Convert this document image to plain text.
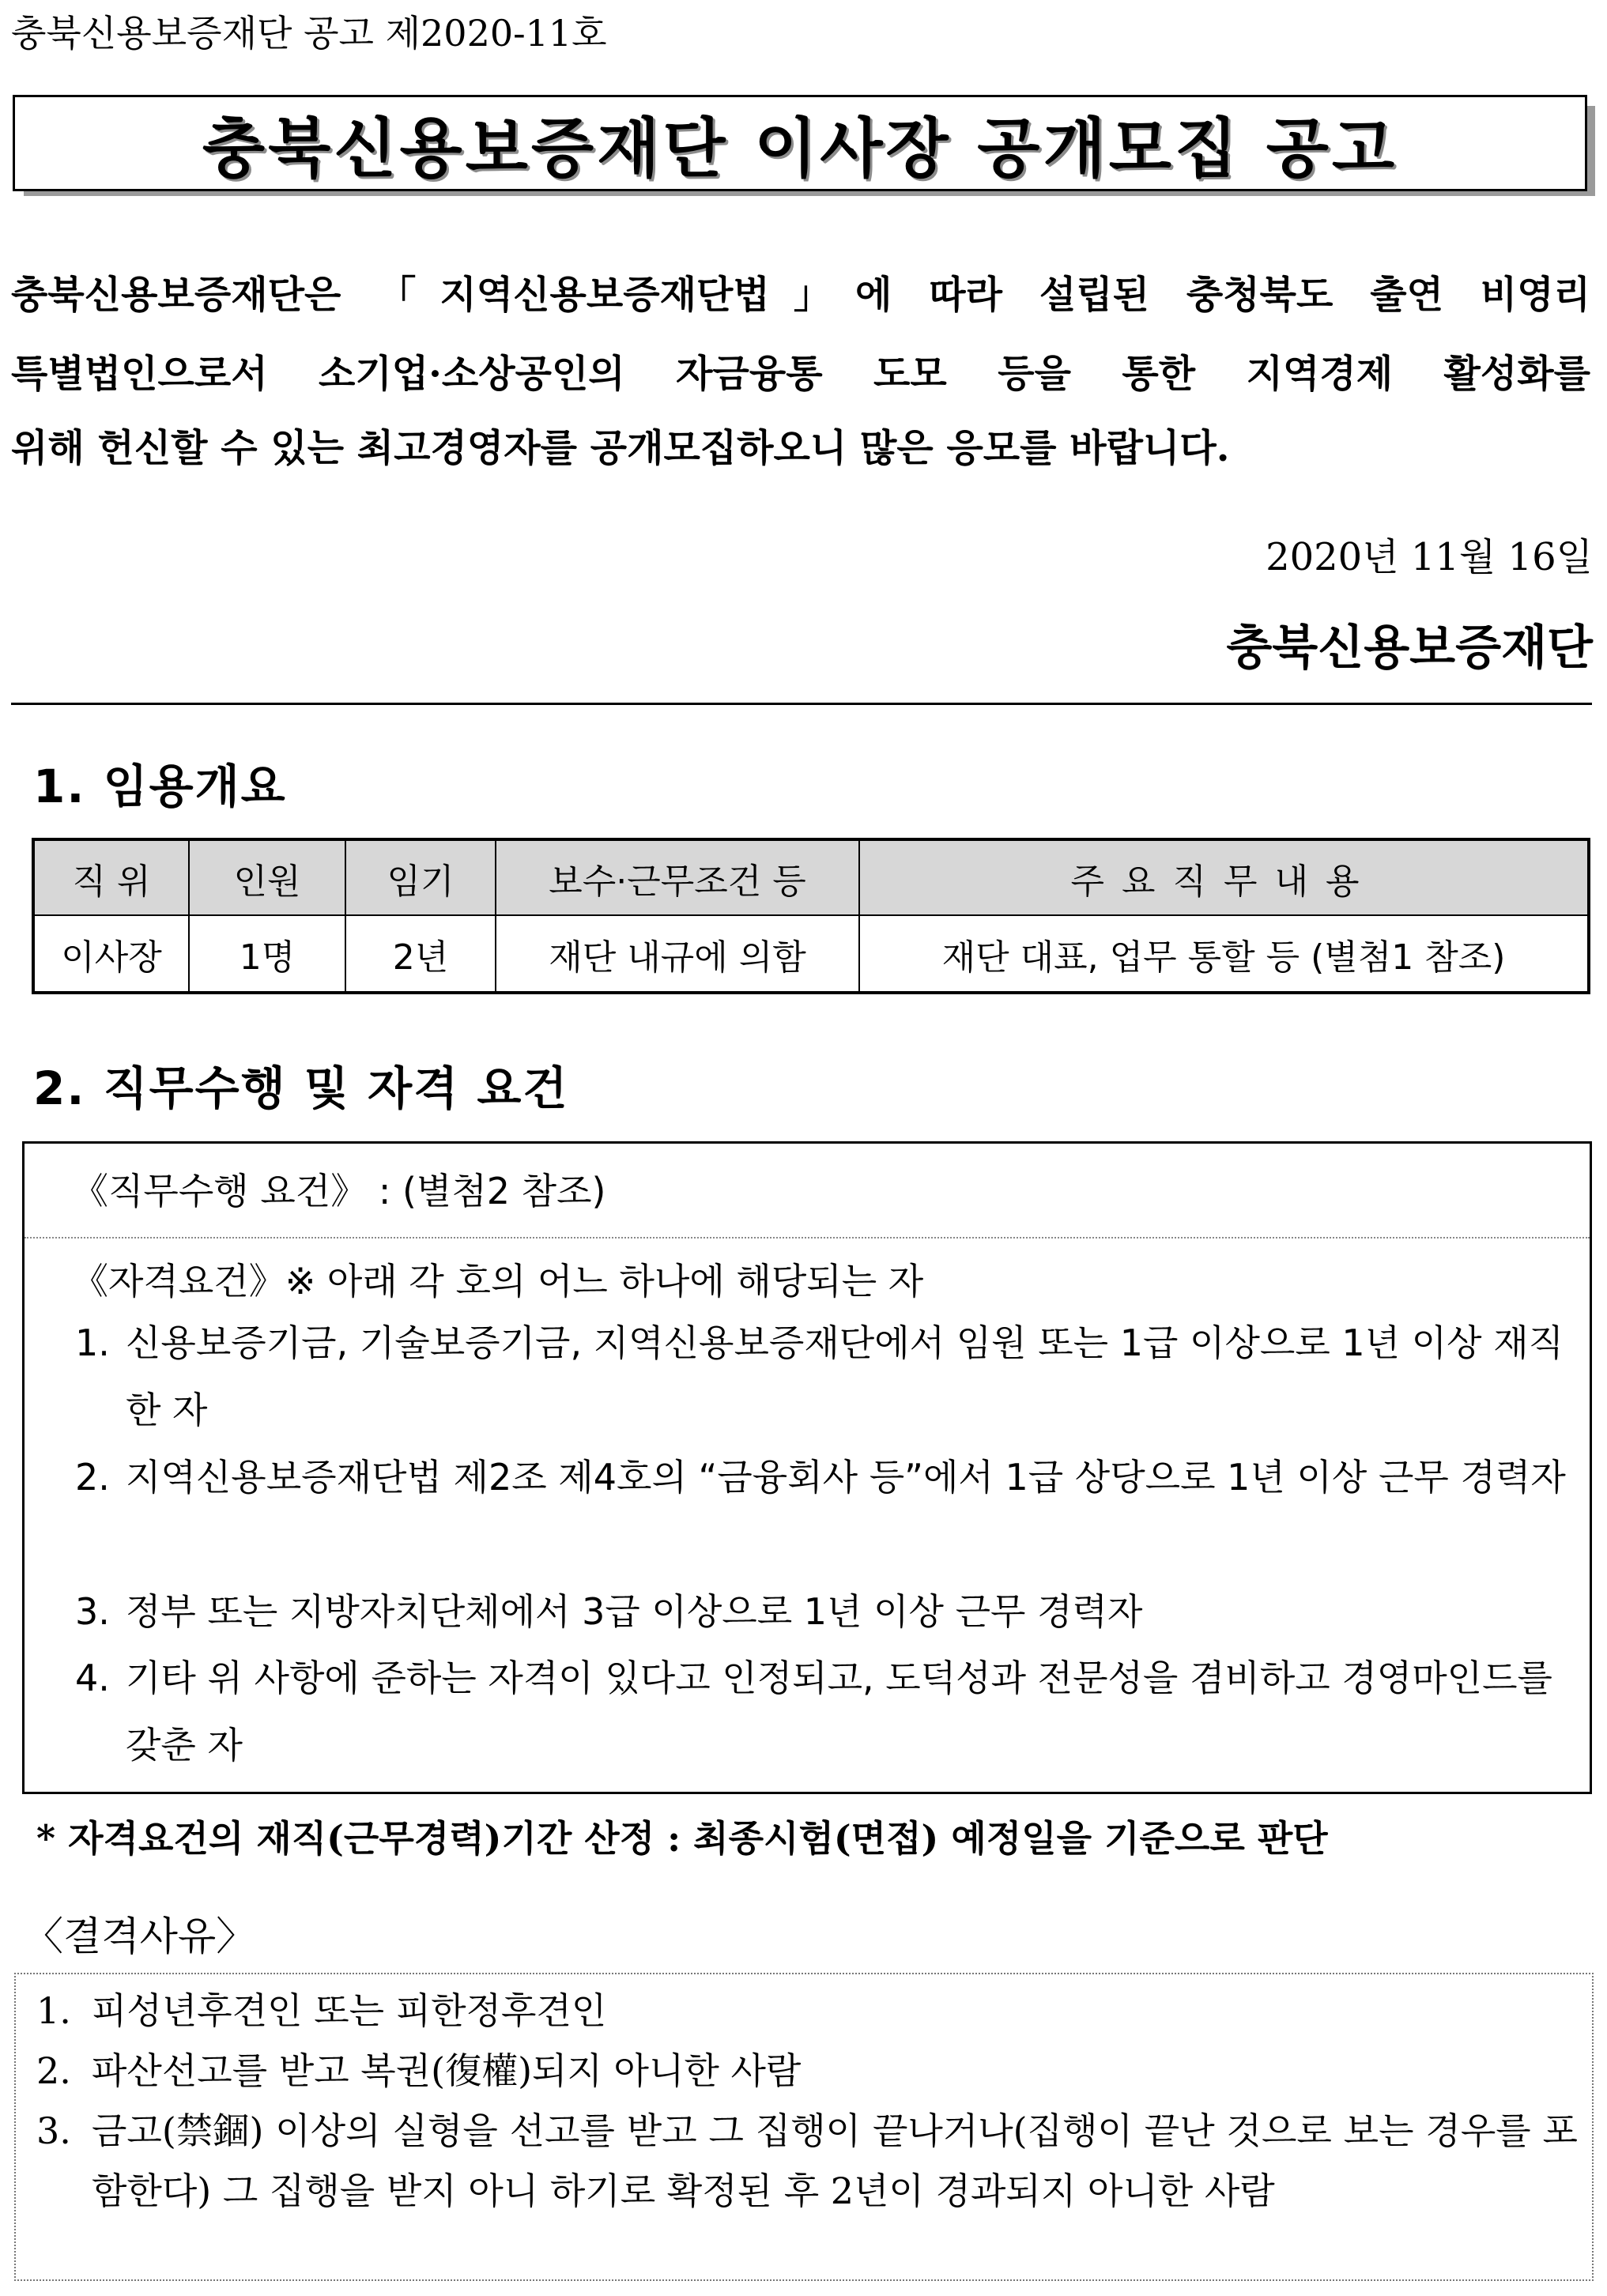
충북신용보증재단 공고 제2020-11호
충북신용보증재단 이사장 공개모집 공고
충북신용보증재단은 「지역신용보증재단법」에 따라 설립된 충청북도 출연 비영리
특별법인으로서 소기업·소상공인의 자금융통 도모 등을 통한 지역경제 활성화를
위해 헌신할 수 있는 최고경영자를 공개모집하오니 많은 응모를 바랍니다.
2020년 11월 16일
충북신용보증재단
1. 임용개요
직 위	인원	임기	보수·근무조건 등	주요직무내용
이사장	1명	2년	재단 내규에 의함	재단 대표, 업무 통할 등 (별첨1 참조)
2. 직무수행 및 자격 요건
《직무수행 요건》 : (별첨2 참조)
《자격요건》※ 아래 각 호의 어느 하나에 해당되는 자
1. 신용보증기금, 기술보증기금, 지역신용보증재단에서 임원 또는 1급 이상으로 1년 이상 재직한 자
2. 지역신용보증재단법 제2조 제4호의 “금융회사 등”에서 1급 상당으로 1년 이상 근무 경력자
3. 정부 또는 지방자치단체에서 3급 이상으로 1년 이상 근무 경력자
4. 기타 위 사항에 준하는 자격이 있다고 인정되고, 도덕성과 전문성을 겸비하고 경영마인드를 갖춘 자
* 자격요건의 재직(근무경력)기간 산정 : 최종시험(면접) 예정일을 기준으로 판단
〈결격사유〉
1. 피성년후견인 또는 피한정후견인
2. 파산선고를 받고 복권(復權)되지 아니한 사람
3. 금고(禁錮) 이상의 실형을 선고를 받고 그 집행이 끝나거나(집행이 끝난 것으로 보는 경우를 포함한다) 그 집행을 받지 아니 하기로 확정된 후 2년이 경과되지 아니한 사람
